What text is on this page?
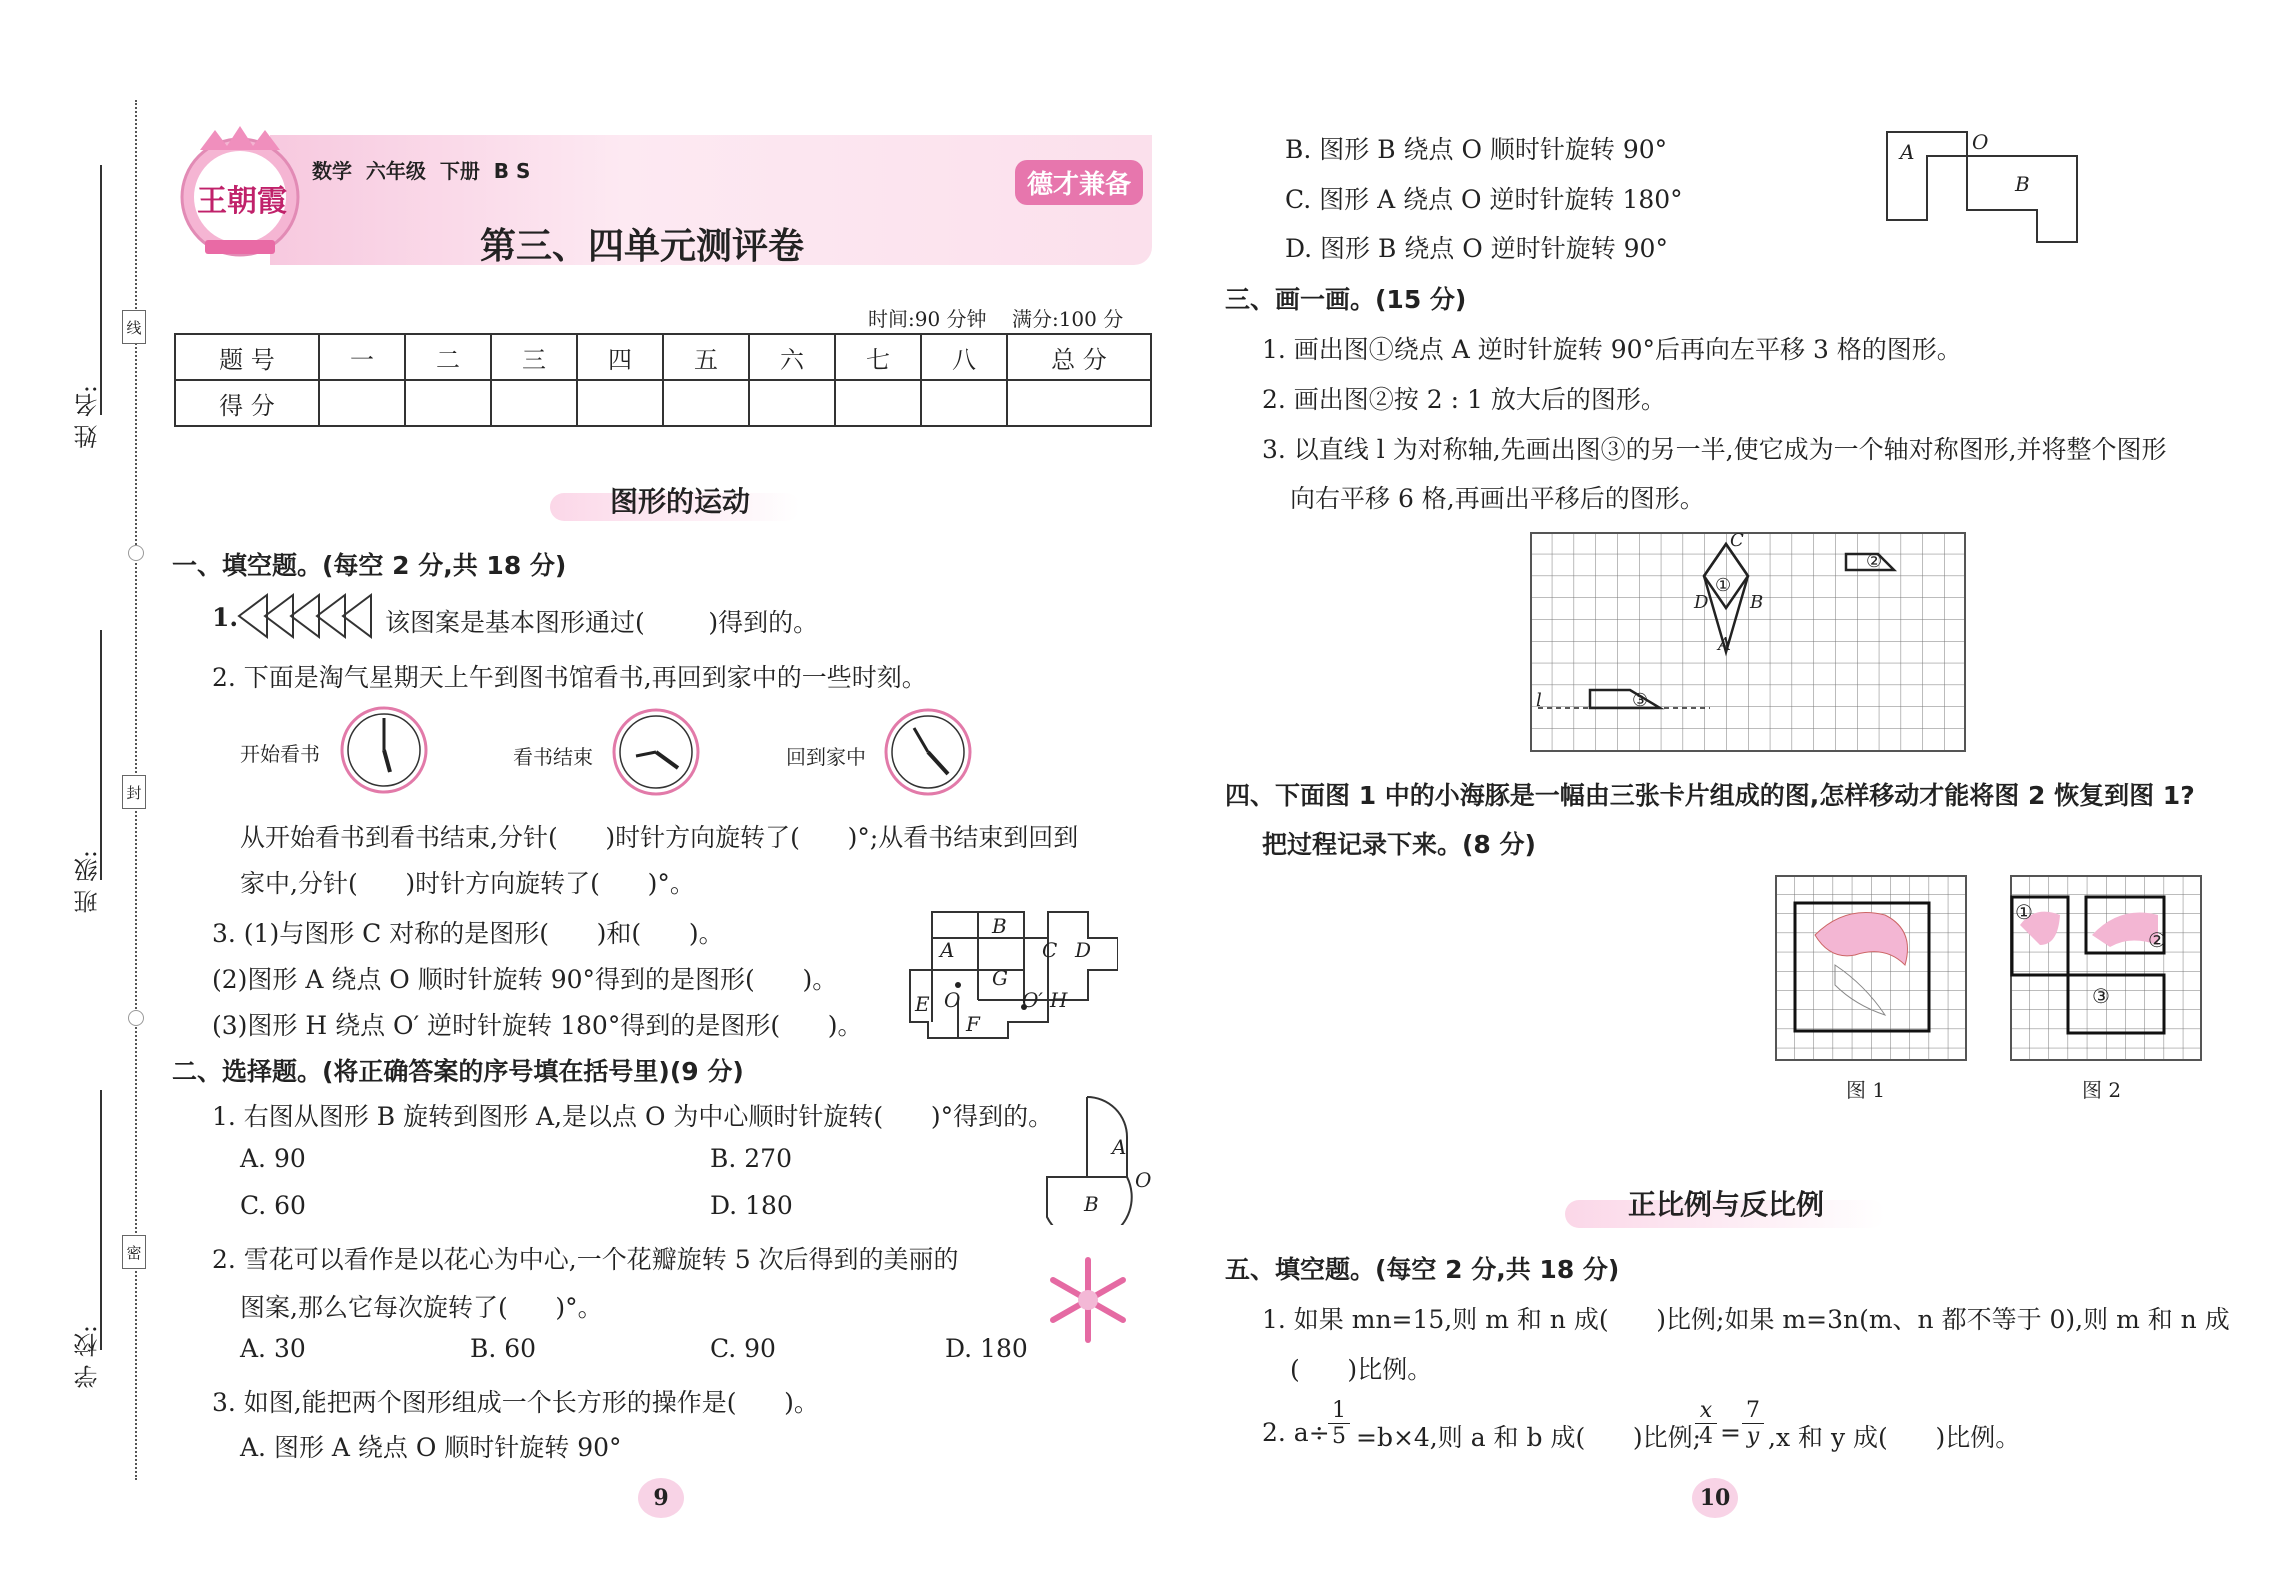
姓 名:
班 级:
学 校:
线
封
密
王朝霞
数学  六年级  下册  B S
第三、四单元测评卷
德才兼备
时间:90 分钟    满分:100 分
题 号	一	二	三	四	五	六	七	八	总 分
得 分									
图形的运动
一、填空题。(每空 2 分,共 18 分)
1.	该图案是基本图形通过(        )得到的。
2. 下面是淘气星期天上午到图书馆看书,再回到家中的一些时刻。
开始看书	看书结束	回到家中
从开始看书到看书结束,分针(      )时针方向旋转了(      )°;从看书结束到回到
家中,分针(      )时针方向旋转了(      )°。
3. (1)与图形 C 对称的是图形(      )和(      )。
(2)图形 A 绕点 O 顺时针旋转 90°得到的是图形(      )。
(3)图形 H 绕点 O′ 逆时针旋转 180°得到的是图形(      )。
B
A	C D
G
E O	O′ H
F
二、选择题。(将正确答案的序号填在括号里)(9 分)
1. 右图从图形 B 旋转到图形 A,是以点 O 为中心顺时针旋转(      )°得到的。
A. 90	B. 270
C. 60	D. 180
A
B
O
2. 雪花可以看作是以花心为中心,一个花瓣旋转 5 次后得到的美丽的
图案,那么它每次旋转了(      )°。
A. 30	B. 60	C. 90	D. 180
3. 如图,能把两个图形组成一个长方形的操作是(      )。
A. 图形 A 绕点 O 顺时针旋转 90°
9
B. 图形 B 绕点 O 顺时针旋转 90°
C. 图形 A 绕点 O 逆时针旋转 180°
D. 图形 B 绕点 O 逆时针旋转 90°
A	O
B
三、画一画。(15 分)
1. 画出图①绕点 A 逆时针旋转 90°后再向左平移 3 格的图形。
2. 画出图②按 2 : 1 放大后的图形。
3. 以直线 l 为对称轴,先画出图③的另一半,使它成为一个轴对称图形,并将整个图形
向右平移 6 格,再画出平移后的图形。
C
D
①
B
A
②
l	③
四、下面图 1 中的小海豚是一幅由三张卡片组成的图,怎样移动才能将图 2 恢复到图 1?
把过程记录下来。(8 分)
①
②
③
图 1	图 2
正比例与反比例
五、填空题。(每空 2 分,共 18 分)
1. 如果 mn=15,则 m 和 n 成(      )比例;如果 m=3n(m、n 都不等于 0),则 m 和 n 成
(      )比例。
2. a÷
$\frac{1}{5} =b\times 4$,则 a 和 b 成(      )比例;
$\frac{x}{4} = \frac{7}{y} ,x$ 和 y 成(      )比例。
10
